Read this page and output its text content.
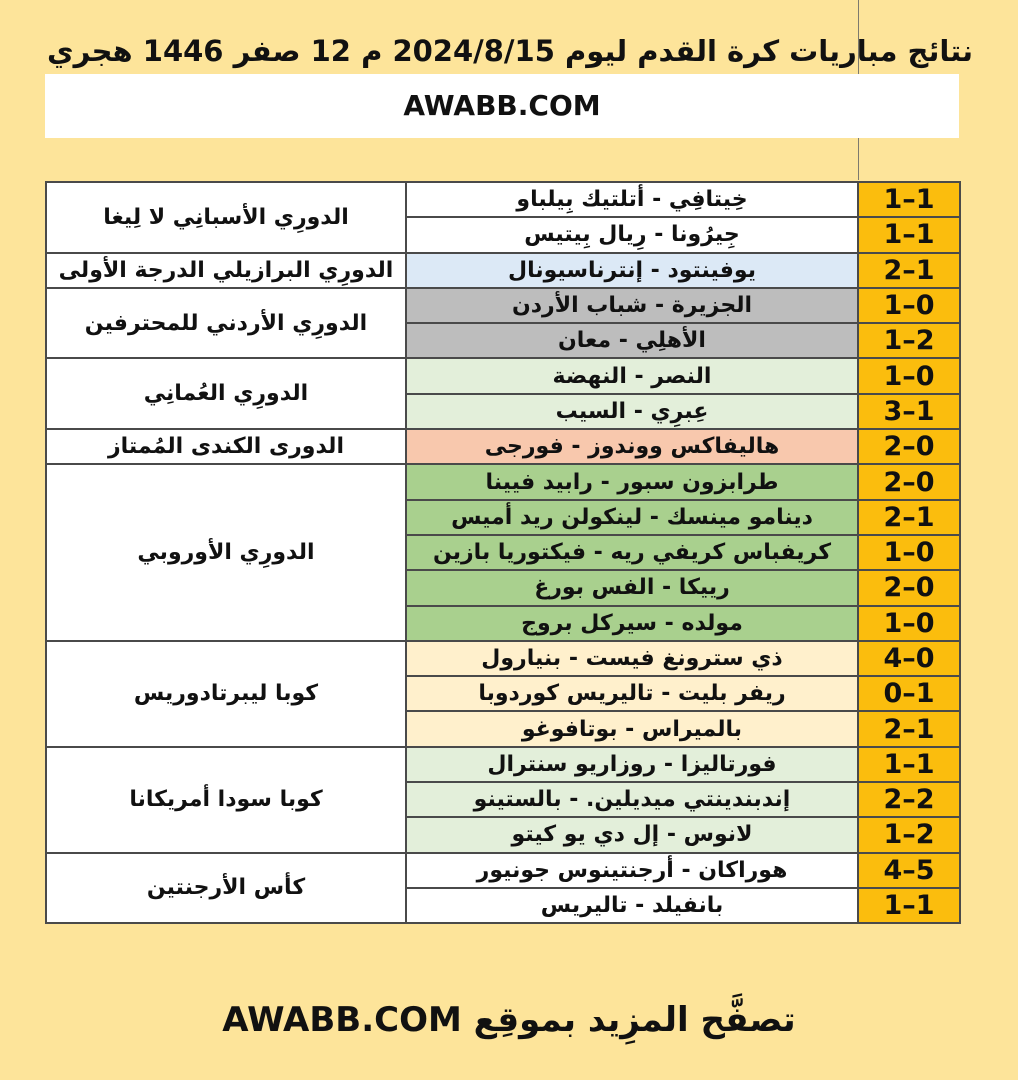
نتائج مباريات كرة القدم ليوم 2024/8/15 م 12 صفر 1446 هجري
AWABB.COM
1–1	خِيتافِي - أتلتيك بِيلباو	الدورِي الأسبانِي لا لِيغا
1–1	جِيرُونا - رِيال بِيتيس	
2–1	يوفينتود - إنترناسيونال	الدورِي البرازيلي الدرجة الأولى
1–0	الجزيرة - شباب الأردن	الدورِي الأردني للمحترفين
1–2	الأهلِي - معان	
1–0	النصر - النهضة	الدورِي العُمانِي
3–1	عِبرِي - السيب	
2–0	هاليفاكس ووندوز - فورجى	الدورى الكندى المُمتاز
2–0	طرابزون سبور - رابيد فيينا	الدورِي الأوروبي
2–1	دينامو مينسك - لينكولن ريد أميس	
1–0	كريفباس كريفي ريه - فيكتوريا بازين	
2–0	رييكا - الفس بورغ	
1–0	مولده - سيركل بروج	
4–0	ذي سترونغ فيست - بنيارول	كوبا ليبرتادوريس
0–1	ريفر بليت - تاليريس كوردوبا	
2–1	بالميراس - بوتافوغو	
1–1	فورتاليزا - روزاريو سنترال	كوبا سودا أمريكانا
2–2	إندبندينتي ميديلين. - بالستينو	
1–2	لانوس - إل دي يو كيتو	
4–5	هوراكان - أرجنتينوس جونيور	كأس الأرجنتين
1–1	بانفيلد - تاليريس	
تصفَّح المزِيد بموقِع AWABB.COM
